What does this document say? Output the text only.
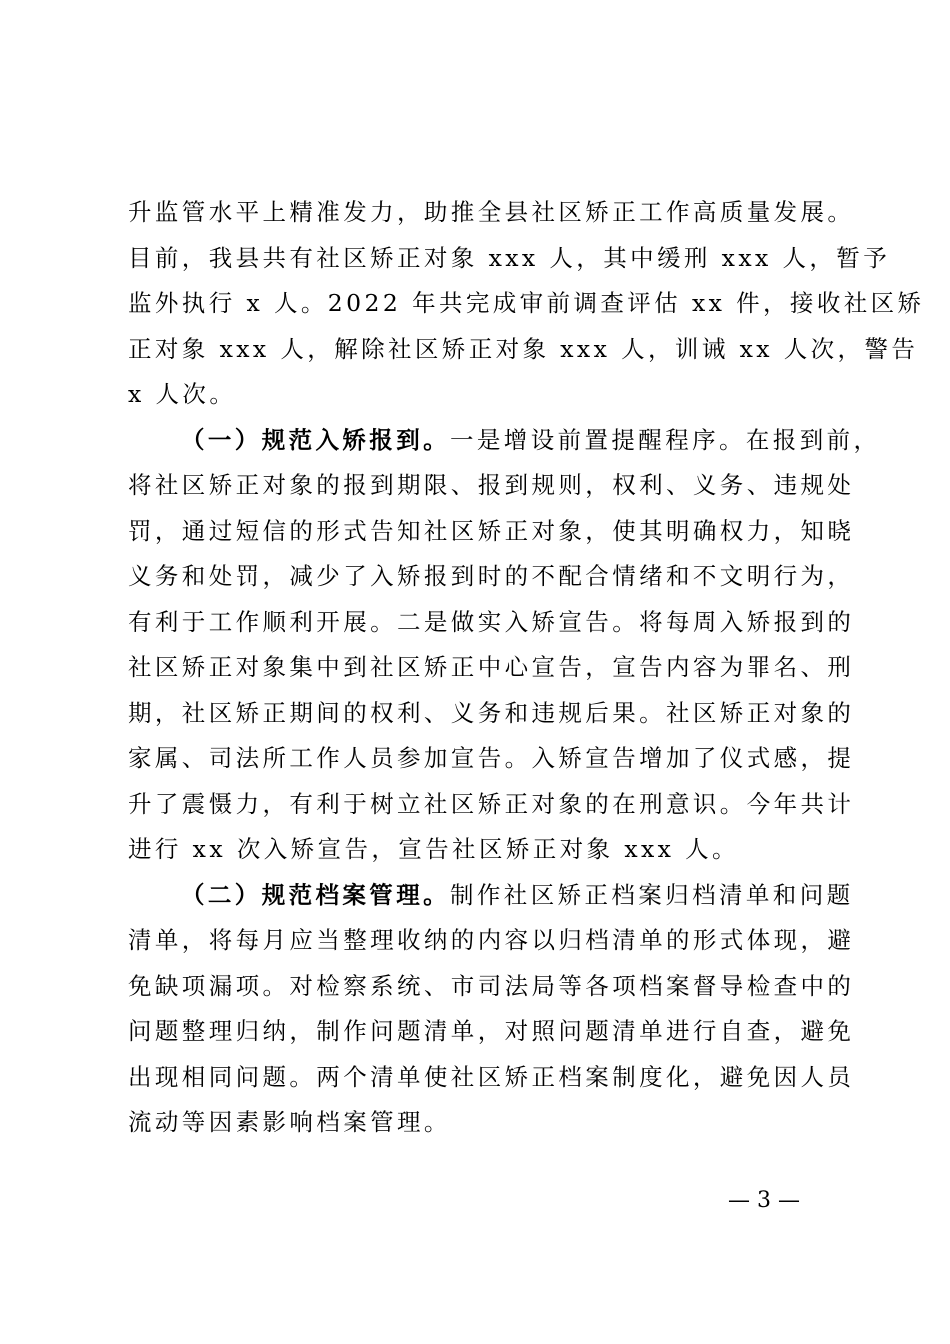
升监管水平上精准发力，助推全县社区矫正工作高质量发展。
目前，我县共有社区矫正对象 xxx 人，其中缓刑 xxx 人，暂予
监外执行 x 人。2022 年共完成审前调查评估 xx 件，接收社区矫
正对象 xxx 人，解除社区矫正对象 xxx 人，训诫 xx 人次，警告
x 人次。
（一）规范入矫报到。一是增设前置提醒程序。在报到前，
将社区矫正对象的报到期限、报到规则，权利、义务、违规处
罚，通过短信的形式告知社区矫正对象，使其明确权力，知晓
义务和处罚，减少了入矫报到时的不配合情绪和不文明行为，
有利于工作顺利开展。二是做实入矫宣告。将每周入矫报到的
社区矫正对象集中到社区矫正中心宣告，宣告内容为罪名、刑
期，社区矫正期间的权利、义务和违规后果。社区矫正对象的
家属、司法所工作人员参加宣告。入矫宣告增加了仪式感，提
升了震慑力，有利于树立社区矫正对象的在刑意识。今年共计
进行 xx 次入矫宣告，宣告社区矫正对象 xxx 人。
（二）规范档案管理。制作社区矫正档案归档清单和问题
清单，将每月应当整理收纳的内容以归档清单的形式体现，避
免缺项漏项。对检察系统、市司法局等各项档案督导检查中的
问题整理归纳，制作问题清单，对照问题清单进行自查，避免
出现相同问题。两个清单使社区矫正档案制度化，避免因人员
流动等因素影响档案管理。
— 3 —
